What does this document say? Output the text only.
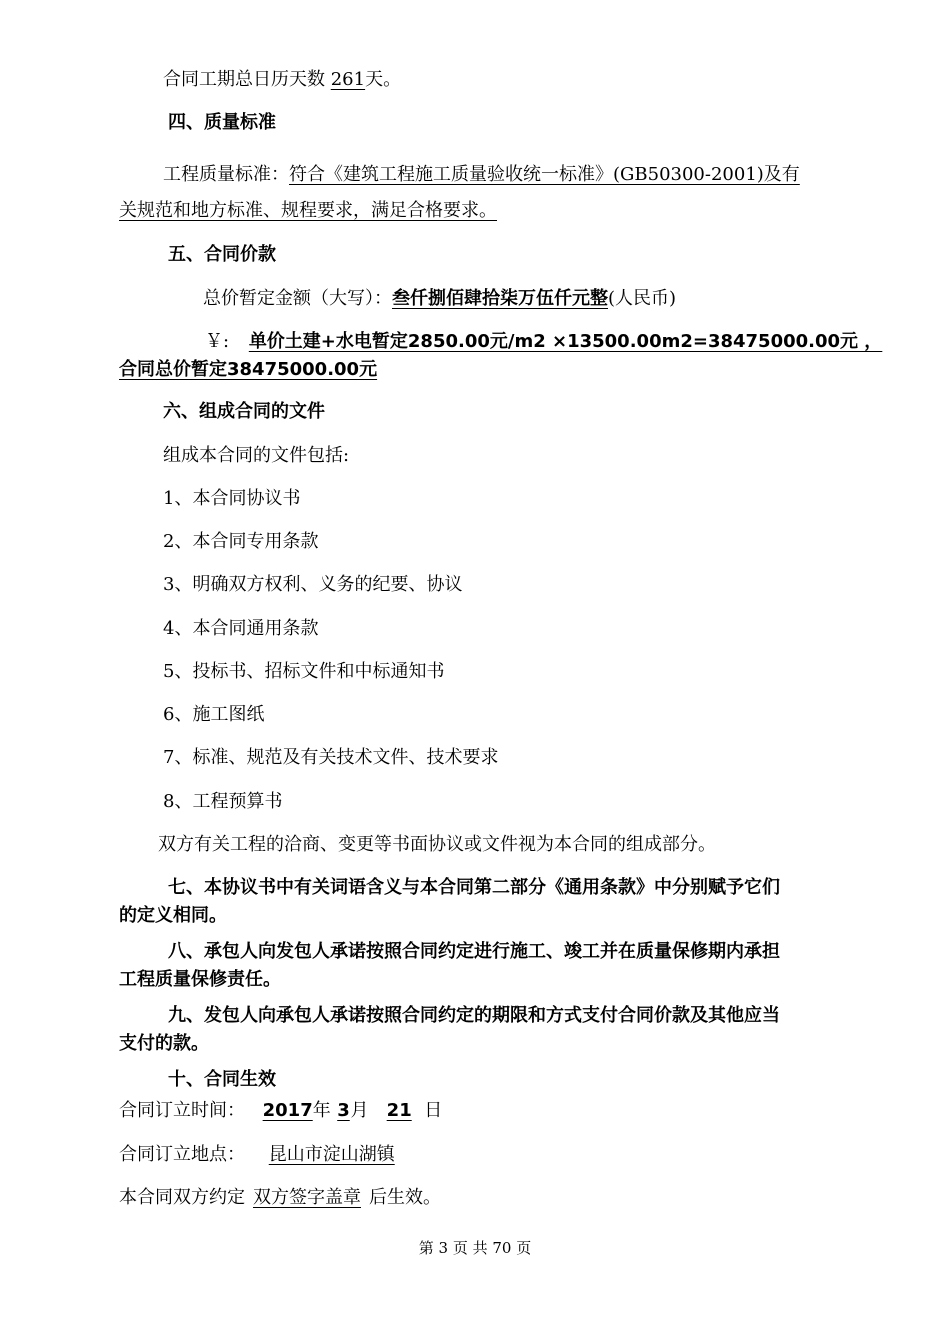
合同工期总日历天数 261天。
四、质量标准
工程质量标准：符合《建筑工程施工质量验收统一标准》(GB50300-2001)及有
关规范和地方标准、规程要求，满足合格要求。
五、合同价款
总价暂定金额（大写）：叁仟捌佰肆拾柒万伍仟元整(人民币)
￥: 单价土建+水电暂定2850.00元/m2 ×13500.00m2=38475000.00元 ，
合同总价暂定38475000.00元
六、组成合同的文件
组成本合同的文件包括:
1、本合同协议书
2、本合同专用条款
3、明确双方权利、义务的纪要、协议
4、本合同通用条款
5、投标书、招标文件和中标通知书
6、施工图纸
7、标准、规范及有关技术文件、技术要求
8、工程预算书
双方有关工程的洽商、变更等书面协议或文件视为本合同的组成部分。
七、本协议书中有关词语含义与本合同第二部分《通用条款》中分别赋予它们
的定义相同。
八、承包人向发包人承诺按照合同约定进行施工、竣工并在质量保修期内承担
工程质量保修责任。
九、发包人向承包人承诺按照合同约定的期限和方式支付合同价款及其他应当
支付的款。
十、合同生效
合同订立时间： 2017年 3月 21 日
合同订立地点： 昆山市淀山湖镇
本合同双方约定 双方签字盖章 后生效。
第 3 页 共 70 页
